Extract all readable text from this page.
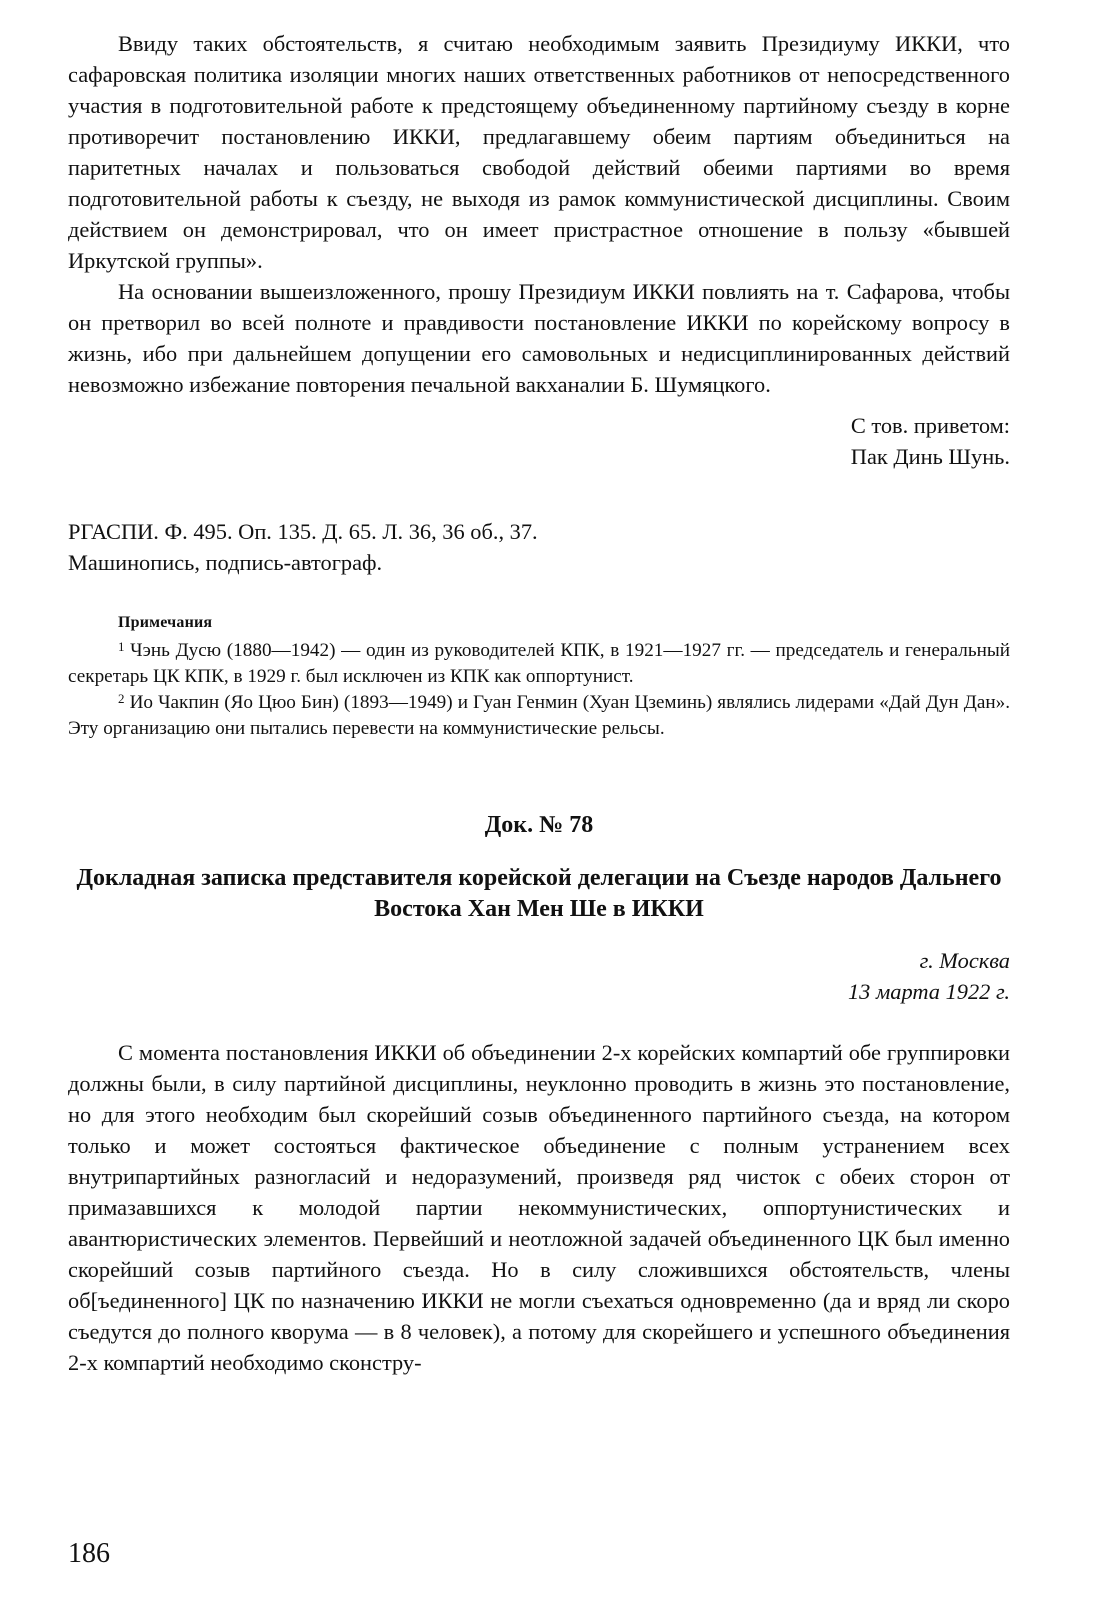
Ввиду таких обстоятельств, я считаю необходимым заявить Президиуму ИККИ, что сафаровская политика изоляции многих наших ответственных работников от непосредственного участия в подготовительной работе к предстоящему объединенному партийному съезду в корне противоречит постановлению ИККИ, предлагавшему обеим партиям объединиться на паритетных началах и пользоваться свободой действий обеими партиями во время подготовительной работы к съезду, не выходя из рамок коммунистической дисциплины. Своим действием он демонстрировал, что он имеет пристрастное отношение в пользу «бывшей Иркутской группы».

На основании вышеизложенного, прошу Президиум ИККИ повлиять на т. Сафарова, чтобы он претворил во всей полноте и правдивости постановление ИККИ по корейскому вопросу в жизнь, ибо при дальнейшем допущении его самовольных и недисциплинированных действий невозможно избежание повторения печальной вакханалии Б. Шумяцкого.

С тов. приветом:
Пак Динь Шунь.
РГАСПИ. Ф. 495. Оп. 135. Д. 65. Л. 36, 36 об., 37.
Машинопись, подпись-автограф.
Примечания

$^1$ Чэнь Дусю (1880—1942) — один из руководителей КПК, в 1921—1927 гг. — председатель и генеральный секретарь ЦК КПК, в 1929 г. был исключен из КПК как оппортунист.

$^2$ Ио Чакпин (Яо Цюо Бин) (1893—1949) и Гуан Генмин (Хуан Цземинь) являлись лидерами «Дай Дун Дан». Эту организацию они пытались перевести на коммунистические рельсы.

Док. № 78
Докладная записка представителя корейской делегации на Съезде народов Дальнего Востока Хан Мен Ше в ИККИ
г. Москва
13 марта 1922 г.

С момента постановления ИККИ об объединении 2-х корейских компартий обе группировки должны были, в силу партийной дисциплины, неуклонно проводить в жизнь это постановление, но для этого необходим был скорейший созыв объединенного партийного съезда, на котором только и может состояться фактическое объединение с полным устранением всех внутрипартийных разногласий и недоразумений, произведя ряд чисток с обеих сторон от примазавшихся к молодой партии некоммунистических, оппортунистических и авантюристических элементов. Первейший и неотложной задачей объединенного ЦК был именно скорейший созыв партийного съезда. Но в силу сложившихся обстоятельств, члены об[ъединенного] ЦК по назначению ИККИ не могли съехаться одновременно (да и вряд ли скоро съедутся до полного кворума — в 8 человек), а потому для скорейшего и успешного объединения 2-х компартий необходимо сконстру-

186
